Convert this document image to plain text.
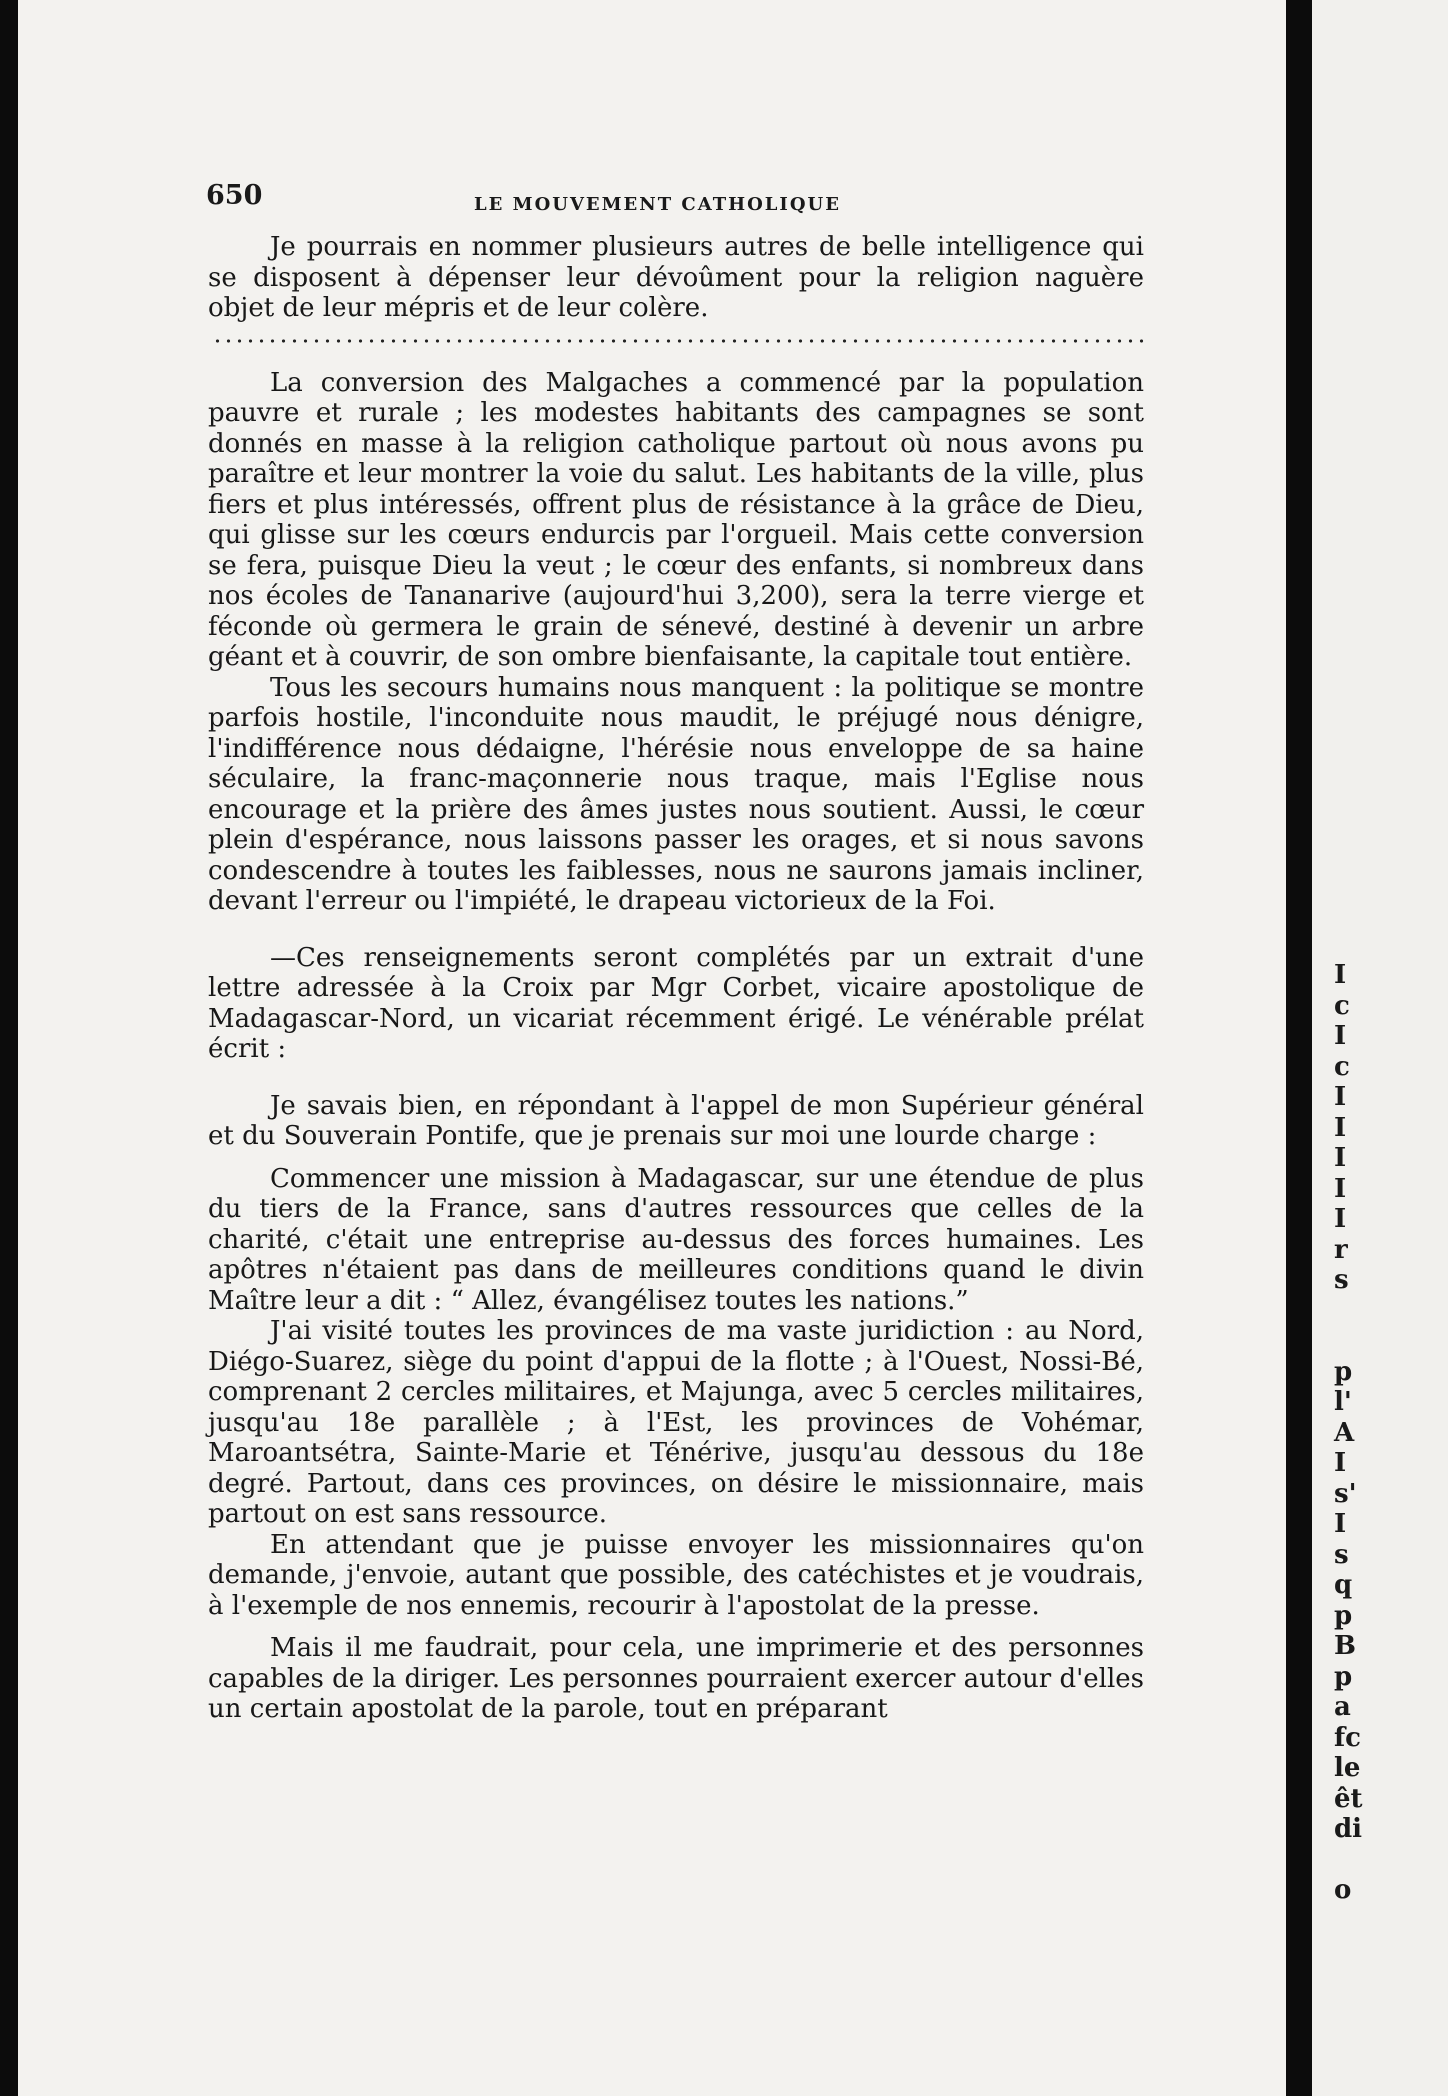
I
c
I
c
I
I
I
I
I
r
s
p
l'
A
I
s'
I
s
q
p
B
p
a
fc
le
êt
di
o
650	LE MOUVEMENT CATHOLIQUE

Je pourrais en nommer plusieurs autres de belle intelligence qui se disposent à dépenser leur dévoûment pour la religion naguère objet de leur mépris et de leur colère.

La conversion des Malgaches a commencé par la population pauvre et rurale ; les modestes habitants des campagnes se sont donnés en masse à la religion catholique partout où nous avons pu paraître et leur montrer la voie du salut. Les habitants de la ville, plus fiers et plus intéressés, offrent plus de résistance à la grâce de Dieu, qui glisse sur les cœurs endurcis par l'orgueil. Mais cette conversion se fera, puisque Dieu la veut ; le cœur des enfants, si nombreux dans nos écoles de Tananarive (aujourd'hui 3,200), sera la terre vierge et féconde où germera le grain de sénevé, destiné à devenir un arbre géant et à couvrir, de son ombre bienfaisante, la capitale tout entière.

Tous les secours humains nous manquent : la politique se montre parfois hostile, l'inconduite nous maudit, le préjugé nous dénigre, l'indifférence nous dédaigne, l'hérésie nous enveloppe de sa haine séculaire, la franc-maçonnerie nous traque, mais l'Eglise nous encourage et la prière des âmes justes nous soutient. Aussi, le cœur plein d'espérance, nous laissons passer les orages, et si nous savons condescendre à toutes les faiblesses, nous ne saurons jamais incliner, devant l'erreur ou l'impiété, le drapeau victorieux de la Foi.

—Ces renseignements seront complétés par un extrait d'une lettre adressée à la Croix par Mgr Corbet, vicaire apostolique de Madagascar-Nord, un vicariat récemment érigé. Le vénérable prélat écrit :

Je savais bien, en répondant à l'appel de mon Supérieur général et du Souverain Pontife, que je prenais sur moi une lourde charge :

Commencer une mission à Madagascar, sur une étendue de plus du tiers de la France, sans d'autres ressources que celles de la charité, c'était une entreprise au-dessus des forces humaines. Les apôtres n'étaient pas dans de meilleures conditions quand le divin Maître leur a dit : “ Allez, évangélisez toutes les nations.”

J'ai visité toutes les provinces de ma vaste juridiction : au Nord, Diégo-Suarez, siège du point d'appui de la flotte ; à l'Ouest, Nossi-Bé, comprenant 2 cercles militaires, et Majunga, avec 5 cercles militaires, jusqu'au 18e parallèle ; à l'Est, les provinces de Vohémar, Maroantsétra, Sainte-Marie et Ténérive, jusqu'au dessous du 18e degré. Partout, dans ces provinces, on désire le missionnaire, mais partout on est sans ressource.

En attendant que je puisse envoyer les missionnaires qu'on demande, j'envoie, autant que possible, des catéchistes et je voudrais, à l'exemple de nos ennemis, recourir à l'apostolat de la presse.

Mais il me faudrait, pour cela, une imprimerie et des personnes capables de la diriger. Les personnes pourraient exercer autour d'elles un certain apostolat de la parole, tout en préparant
